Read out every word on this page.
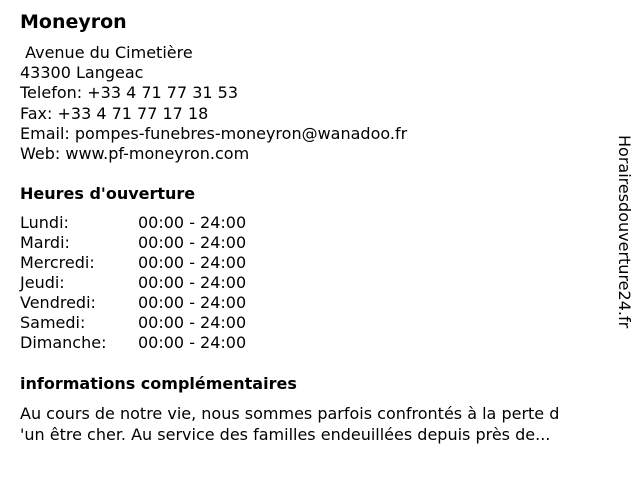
Moneyron
Avenue du Cimetière
43300 Langeac
Telefon: +33 4 71 77 31 53
Fax: +33 4 71 77 17 18
Email: pompes-funebres-moneyron@wanadoo.fr
Web: www.pf-moneyron.com
Heures d'ouverture
Lundi:	00:00 - 24:00
Mardi:	00:00 - 24:00
Mercredi:	00:00 - 24:00
Jeudi:	00:00 - 24:00
Vendredi:	00:00 - 24:00
Samedi:	00:00 - 24:00
Dimanche:	00:00 - 24:00
informations complémentaires
Au cours de notre vie, nous sommes parfois confrontés à la perte d
'un être cher. Au service des familles endeuillées depuis près de...
Horairesdouverture24.fr
